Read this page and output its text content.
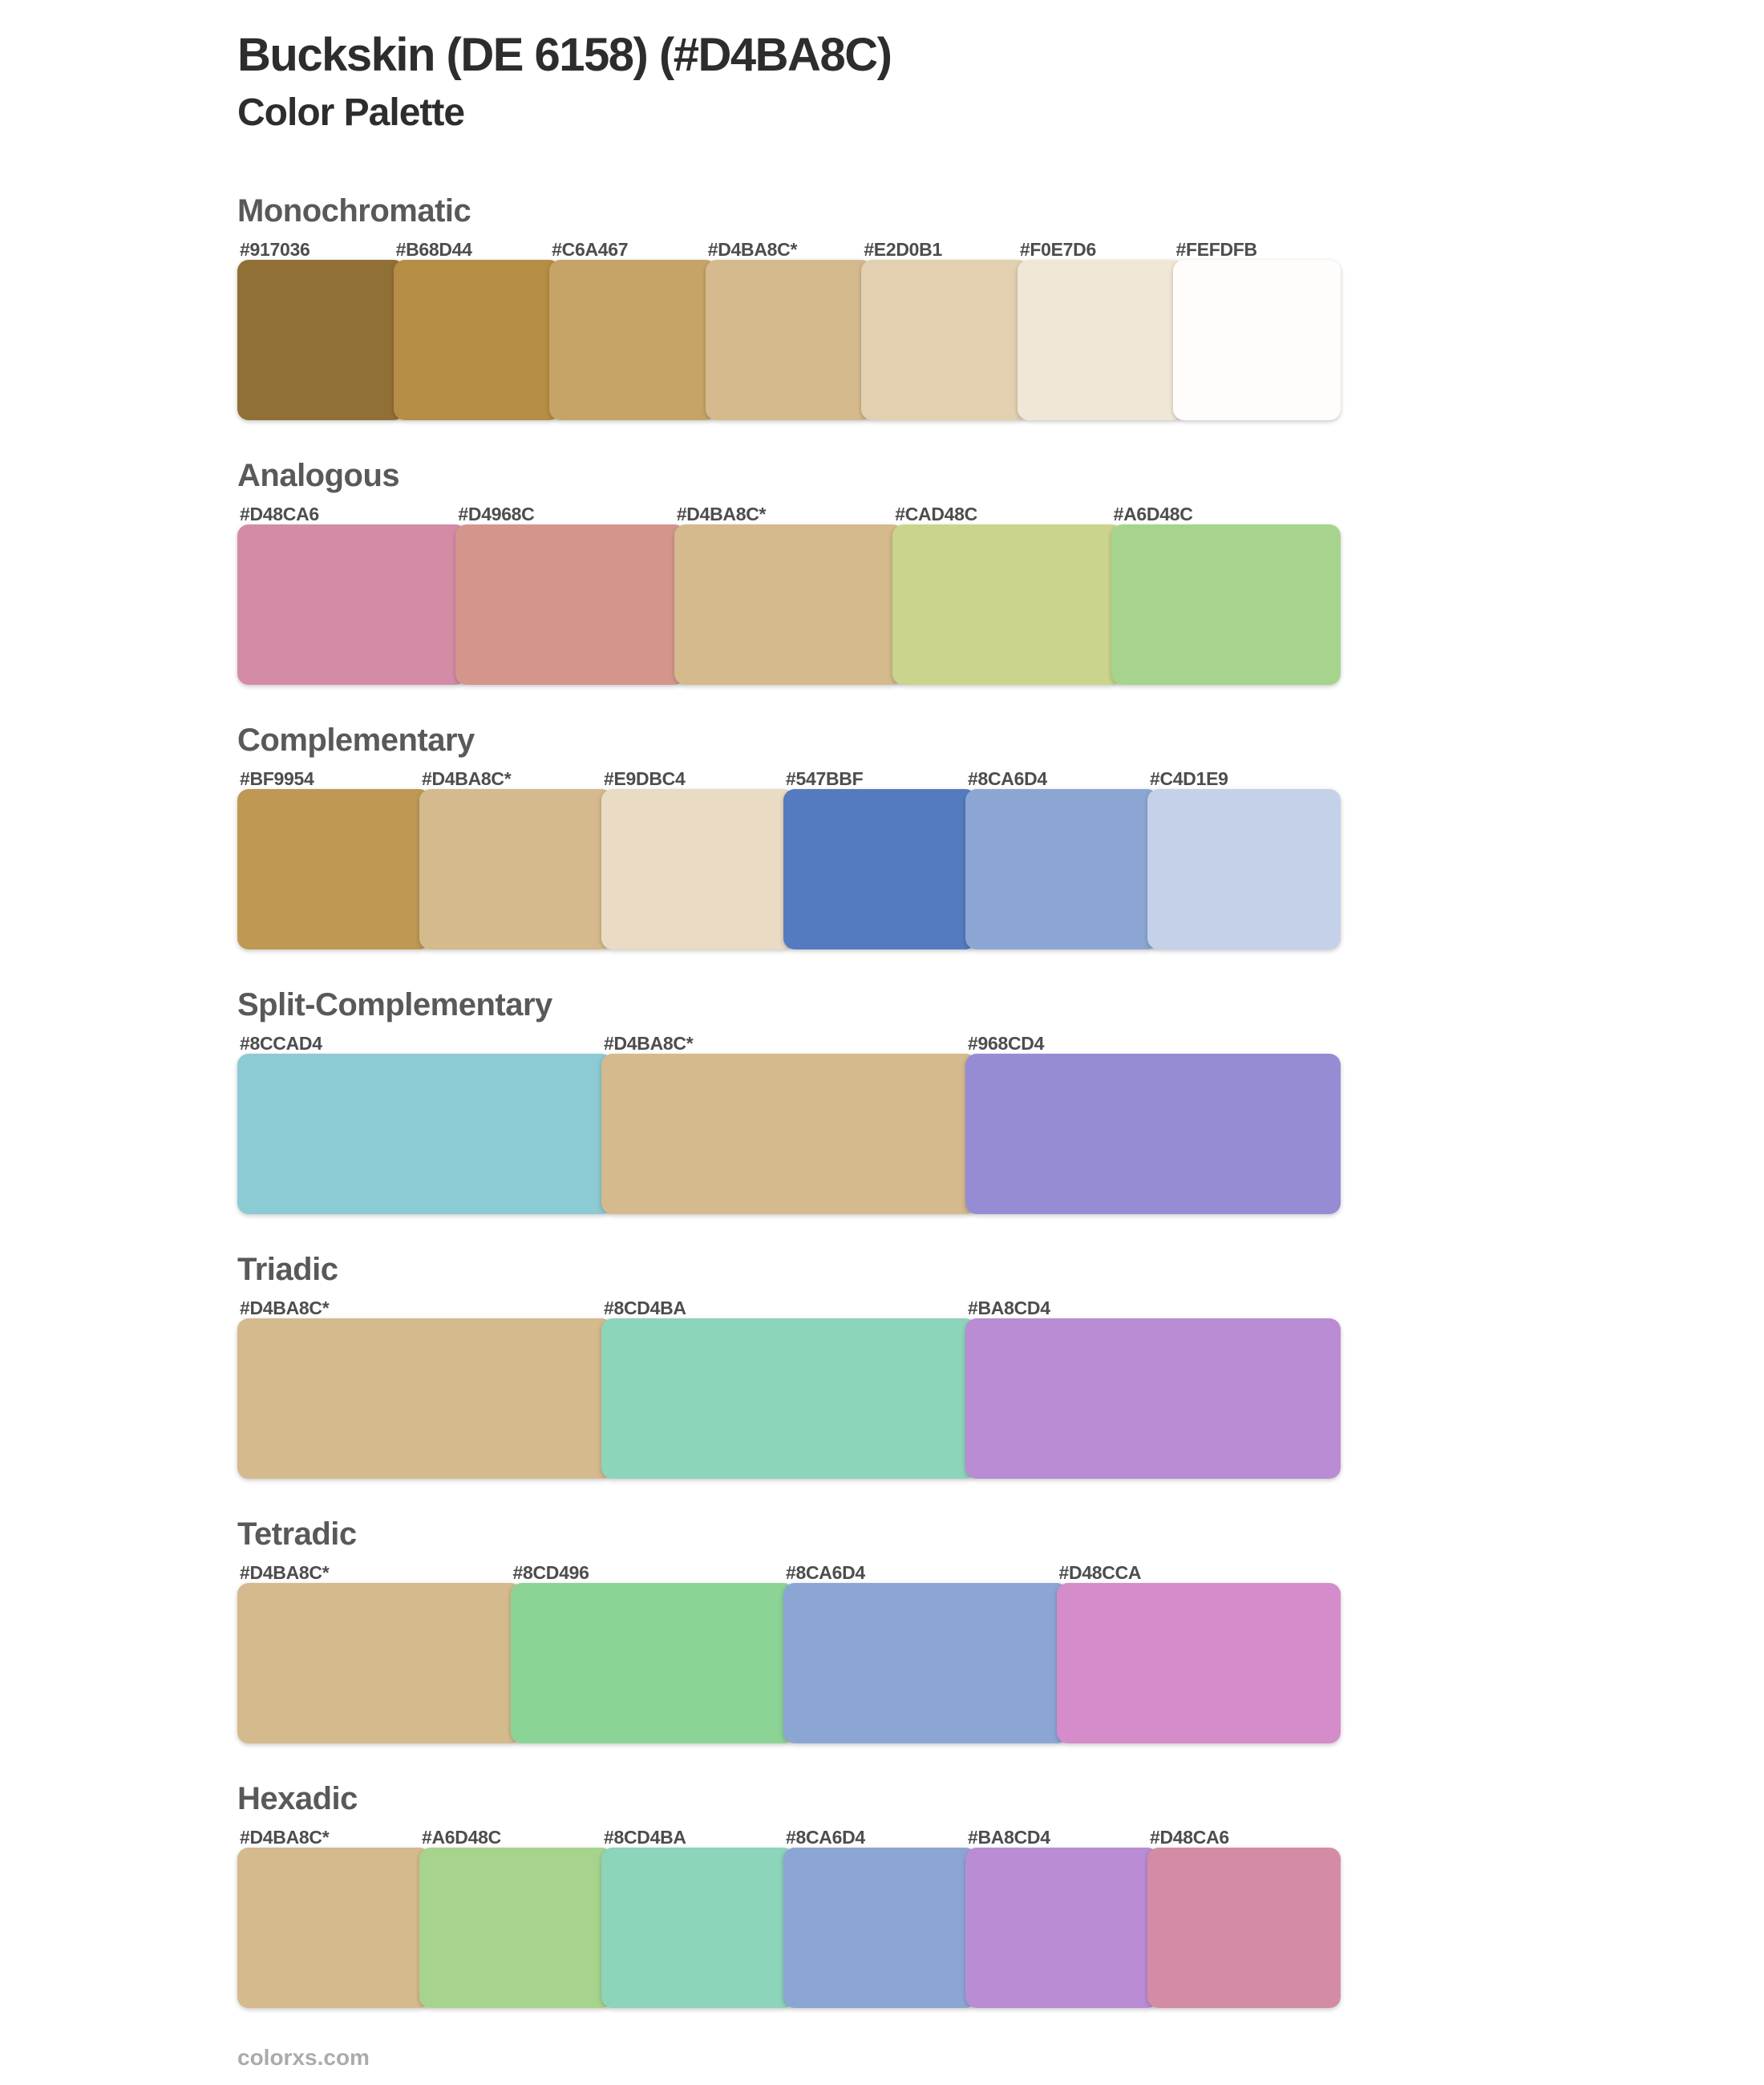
Buckskin (DE 6158) (#D4BA8C)
Color Palette
Monochromatic
#917036	#B68D44	#C6A467	#D4BA8C*	#E2D0B1	#F0E7D6	#FEFDFB
Analogous
#D48CA6	#D4968C	#D4BA8C*	#CAD48C	#A6D48C
Complementary
#BF9954	#D4BA8C*	#E9DBC4	#547BBF	#8CA6D4	#C4D1E9
Split-Complementary
#8CCAD4	#D4BA8C*	#968CD4
Triadic
#D4BA8C*	#8CD4BA	#BA8CD4
Tetradic
#D4BA8C*	#8CD496	#8CA6D4	#D48CCA
Hexadic
#D4BA8C*	#A6D48C	#8CD4BA	#8CA6D4	#BA8CD4	#D48CA6
colorxs.com
